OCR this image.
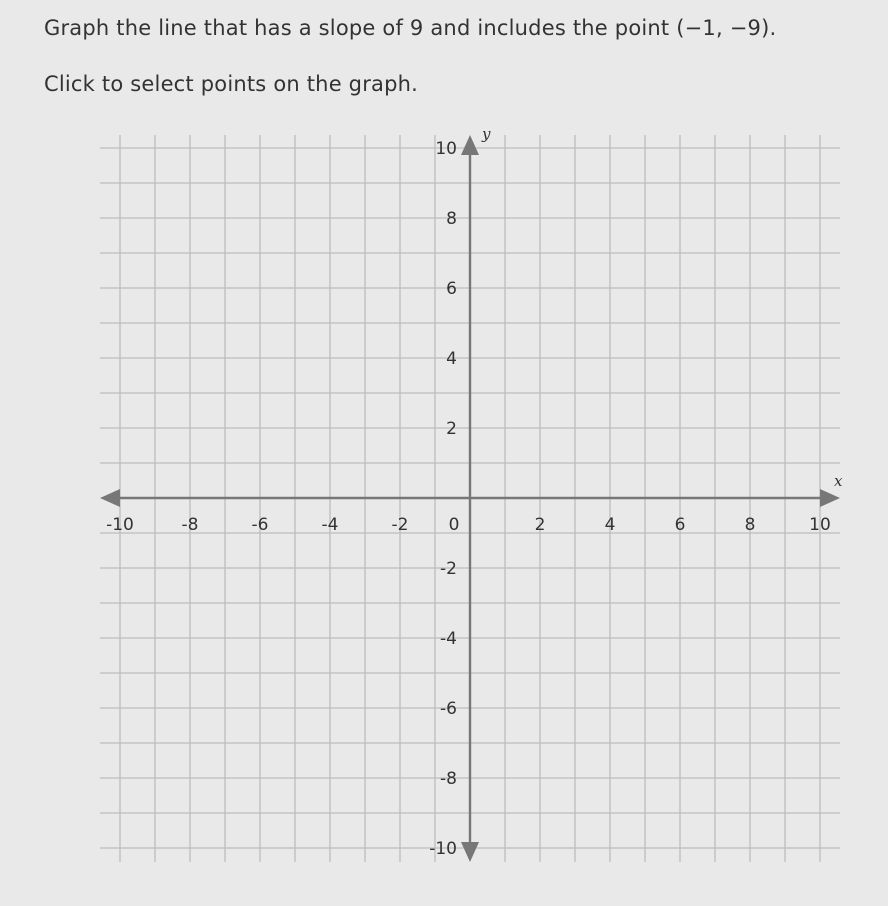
Graph the line that has a slope of 9 and includes the point (−1, −9).
Click to select points on the graph.
-10	-8	-6	-4	-2 0	2	4	6	8	10
10
8
6
4
2
-2
-4
-6
-8
-10
x
y
